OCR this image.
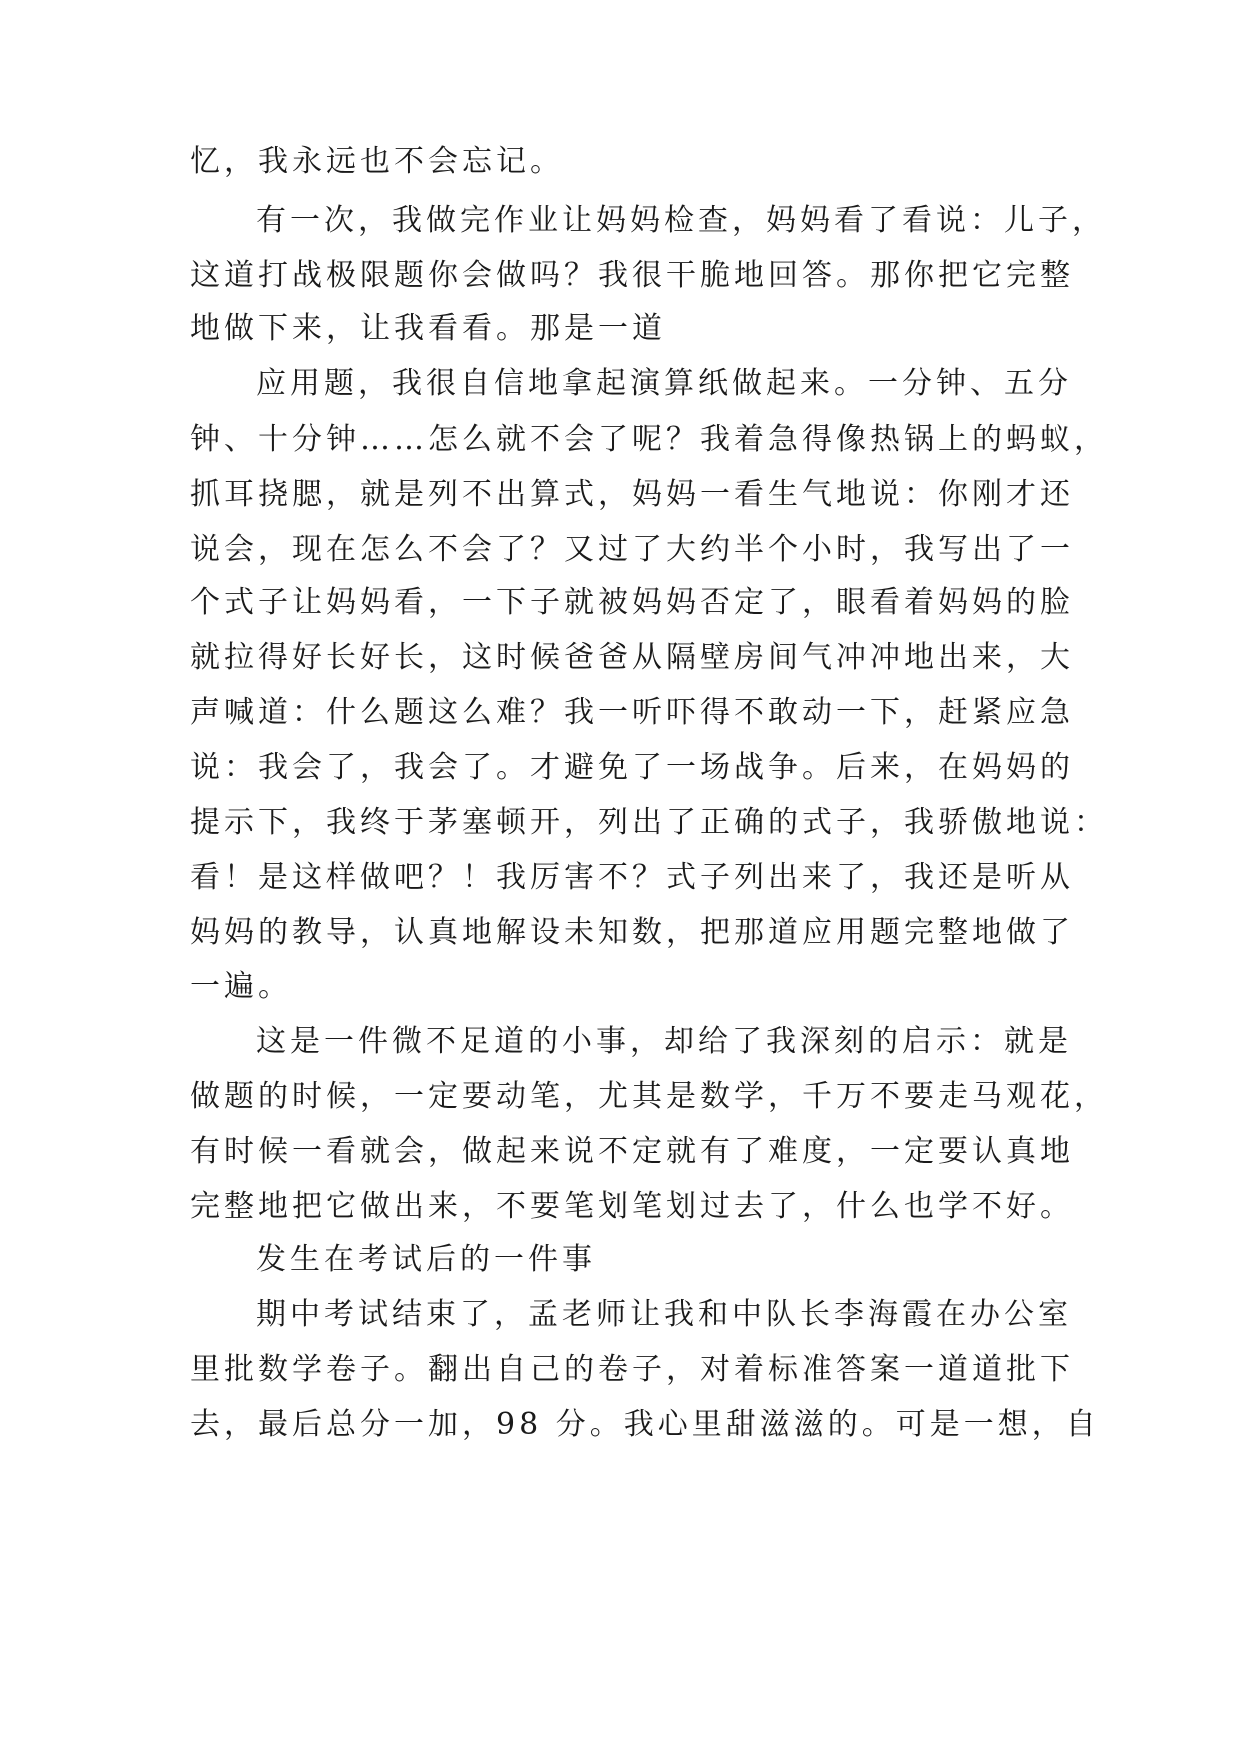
忆，我永远也不会忘记。
有一次，我做完作业让妈妈检查，妈妈看了看说：儿子，
这道打战极限题你会做吗？我很干脆地回答。那你把它完整
地做下来，让我看看。那是一道
应用题，我很自信地拿起演算纸做起来。一分钟、五分
钟、十分钟……怎么就不会了呢？我着急得像热锅上的蚂蚁，
抓耳挠腮，就是列不出算式，妈妈一看生气地说：你刚才还
说会，现在怎么不会了？又过了大约半个小时，我写出了一
个式子让妈妈看，一下子就被妈妈否定了，眼看着妈妈的脸
就拉得好长好长，这时候爸爸从隔壁房间气冲冲地出来，大
声喊道：什么题这么难？我一听吓得不敢动一下，赶紧应急
说：我会了，我会了。才避免了一场战争。后来，在妈妈的
提示下，我终于茅塞顿开，列出了正确的式子，我骄傲地说：
看！是这样做吧？！我厉害不？式子列出来了，我还是听从
妈妈的教导，认真地解设未知数，把那道应用题完整地做了
一遍。
这是一件微不足道的小事，却给了我深刻的启示：就是
做题的时候，一定要动笔，尤其是数学，千万不要走马观花，
有时候一看就会，做起来说不定就有了难度，一定要认真地
完整地把它做出来，不要笔划笔划过去了，什么也学不好。
发生在考试后的一件事
期中考试结束了，孟老师让我和中队长李海霞在办公室
里批数学卷子。翻出自己的卷子，对着标准答案一道道批下
去，最后总分一加，98 分。我心里甜滋滋的。可是一想，自
